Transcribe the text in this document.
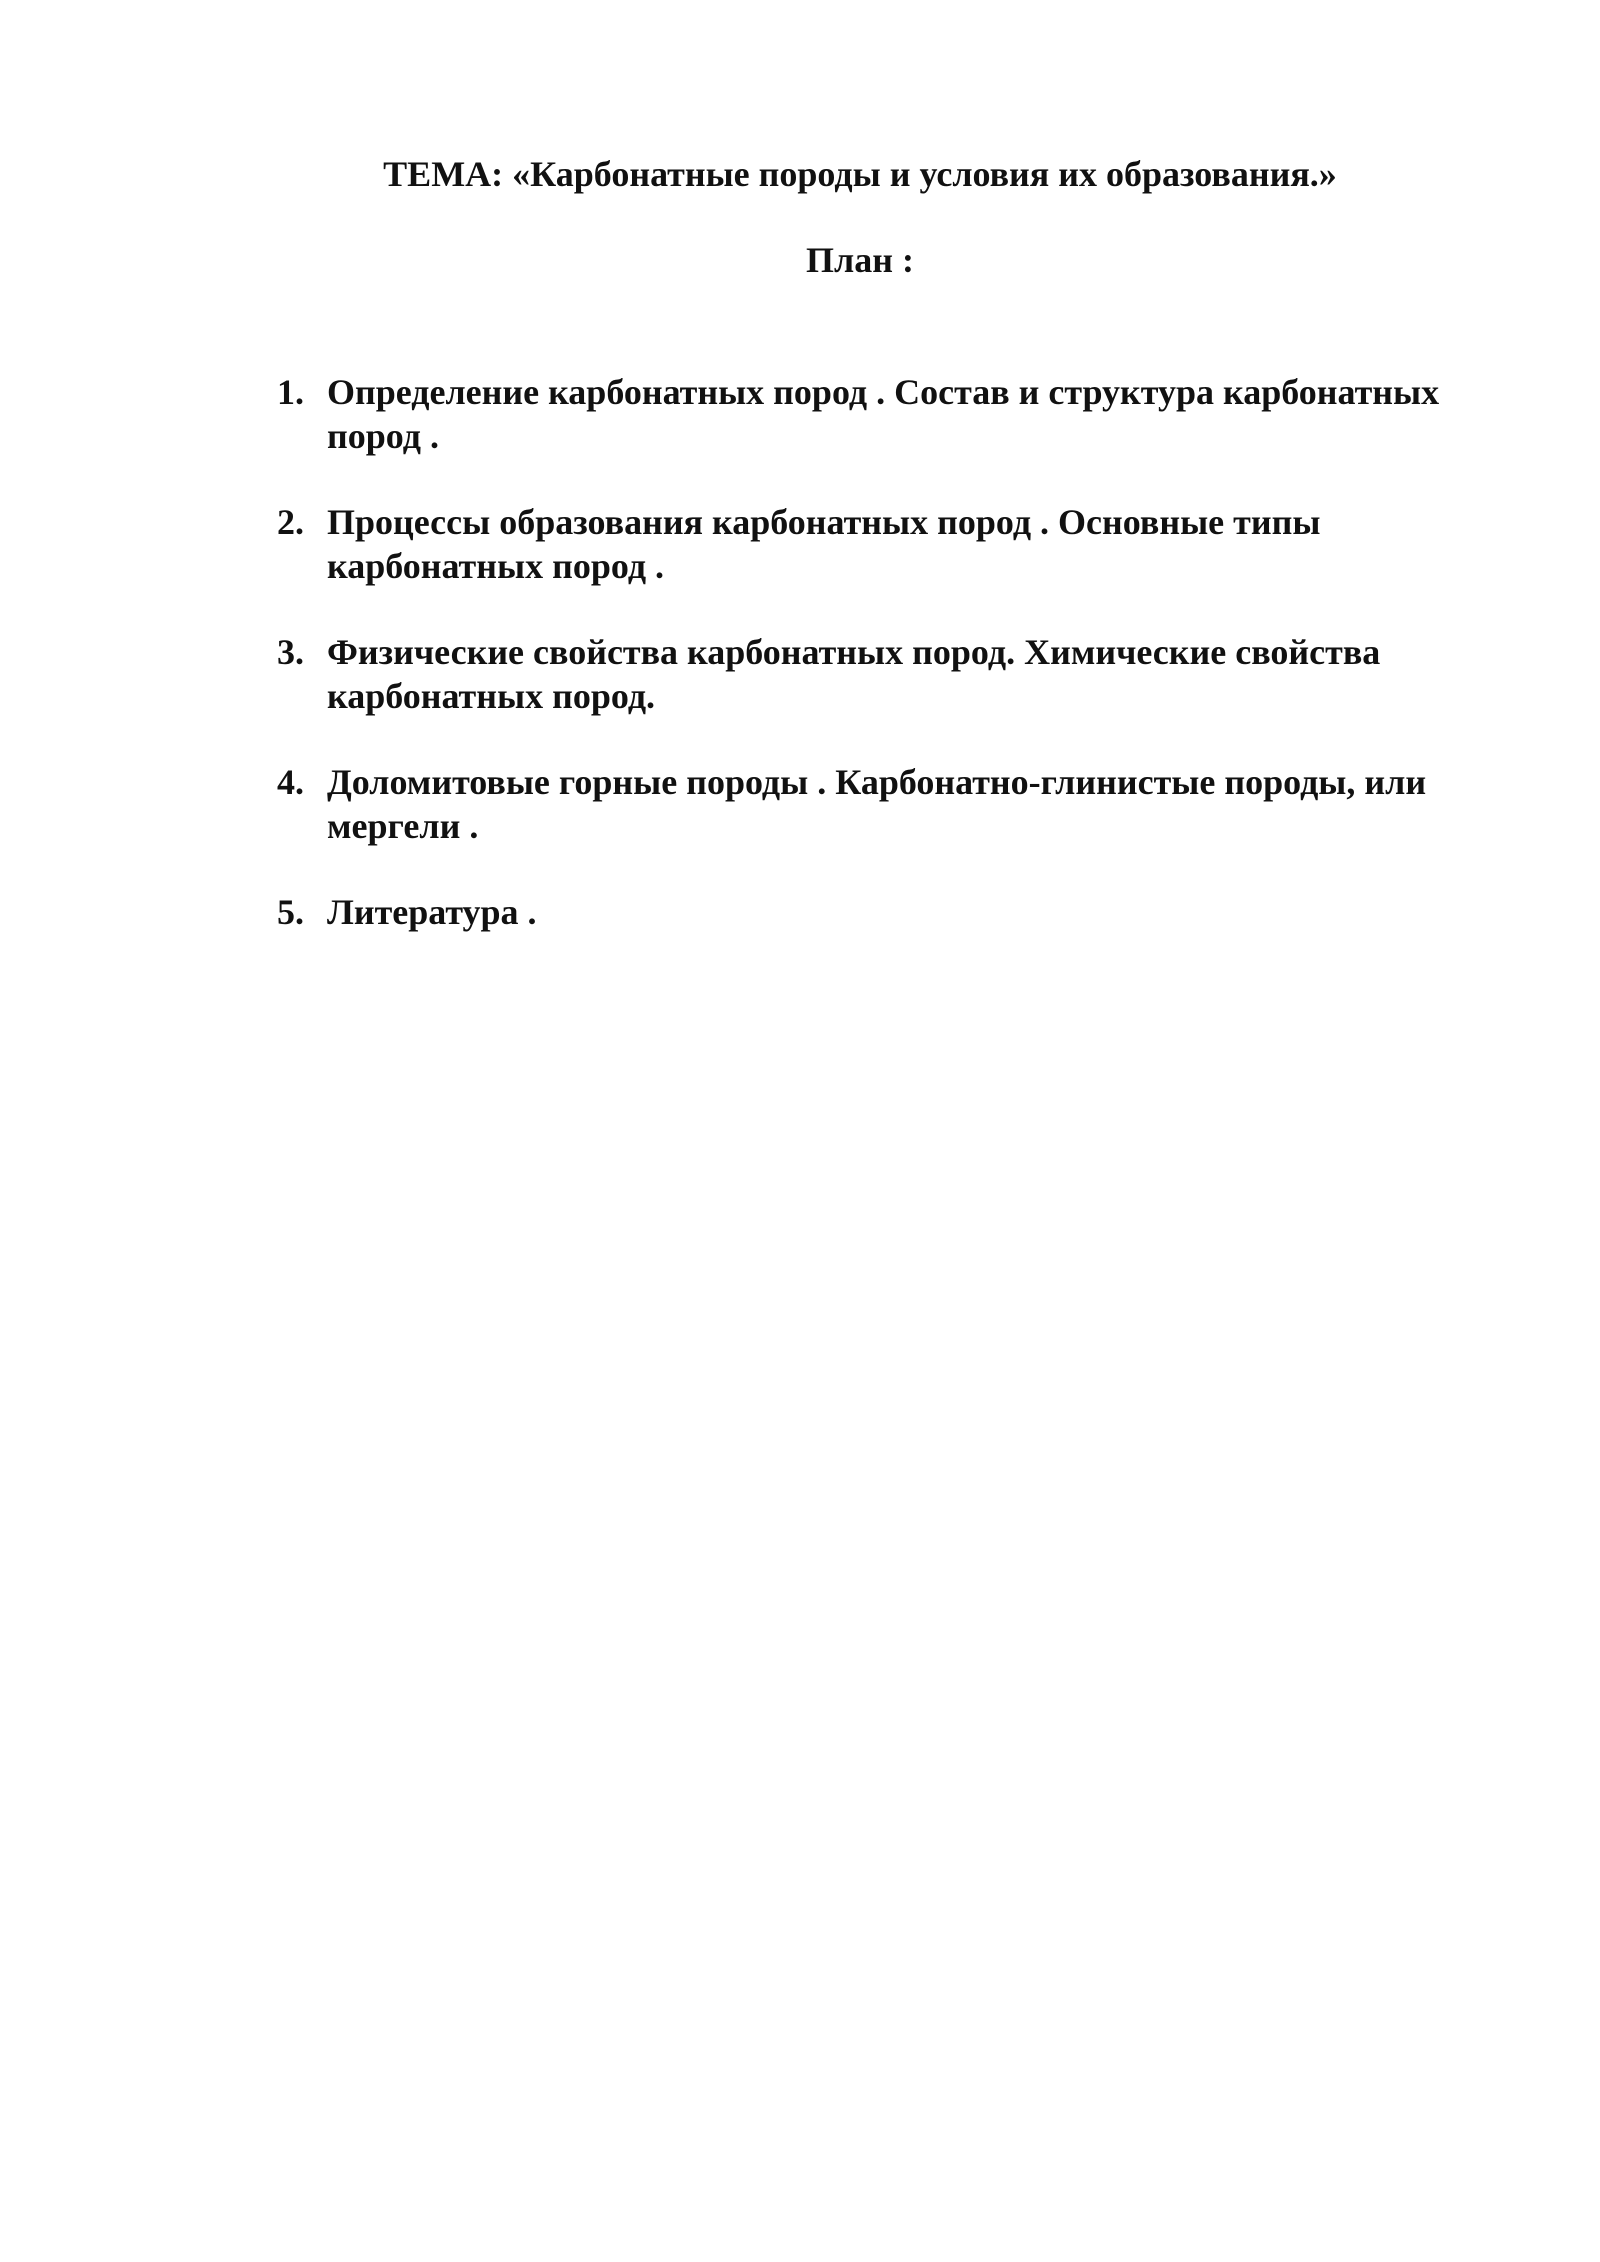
ТЕМА: «Карбонатные породы и условия их образования.»
План :
1. Определение карбонатных пород . Состав и структура карбонатных пород .
2. Процессы образования карбонатных пород . Основные типы карбонатных пород .
3. Физические свойства карбонатных пород. Химические свойства карбонатных пород.
4. Доломитовые горные породы . Карбонатно-глинистые породы, или мергели .
5. Литература .
